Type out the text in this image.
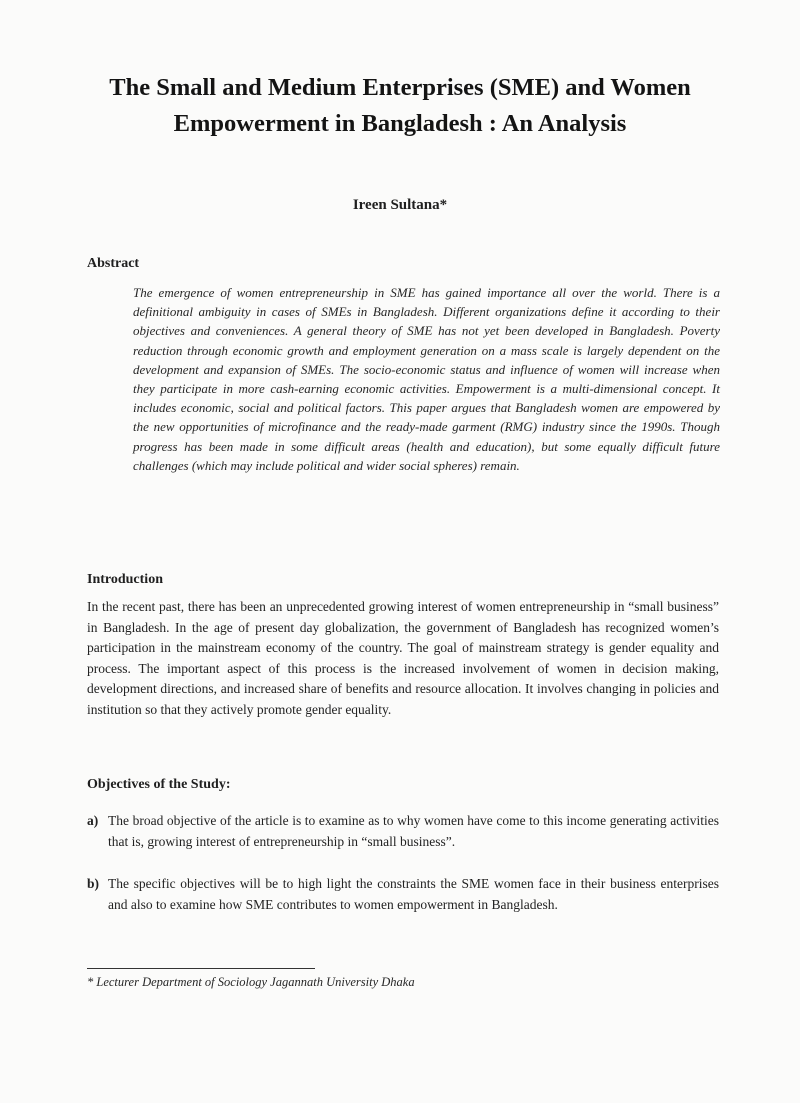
The Small and Medium Enterprises (SME) and Women Empowerment in Bangladesh : An Analysis

Ireen Sultana*

Abstract

The emergence of women entrepreneurship in SME has gained importance all over the world. There is a definitional ambiguity in cases of SMEs in Bangladesh. Different organizations define it according to their objectives and conveniences. A general theory of SME has not yet been developed in Bangladesh. Poverty reduction through economic growth and employment generation on a mass scale is largely dependent on the development and expansion of SMEs. The socio-economic status and influence of women will increase when they participate in more cash-earning economic activities. Empowerment is a multi-dimensional concept. It includes economic, social and political factors. This paper argues that Bangladesh women are empowered by the new opportunities of microfinance and the ready-made garment (RMG) industry since the 1990s. Though progress has been made in some difficult areas (health and education), but some equally difficult future challenges (which may include political and wider social spheres) remain.

Introduction

In the recent past, there has been an unprecedented growing interest of women entrepreneurship in “small business” in Bangladesh. In the age of present day globalization, the government of Bangladesh has recognized women’s participation in the mainstream economy of the country. The goal of mainstream strategy is gender equality and process. The important aspect of this process is the increased involvement of women in decision making, development directions, and increased share of benefits and resource allocation. It involves changing in policies and institution so that they actively promote gender equality.

Objectives of the Study:
a) The broad objective of the article is to examine as to why women have come to this income generating activities that is, growing interest of entrepreneurship in “small business”.
b) The specific objectives will be to high light the constraints the SME women face in their business enterprises and also to examine how SME contributes to women empowerment in Bangladesh.

* Lecturer Department of Sociology Jagannath University Dhaka
